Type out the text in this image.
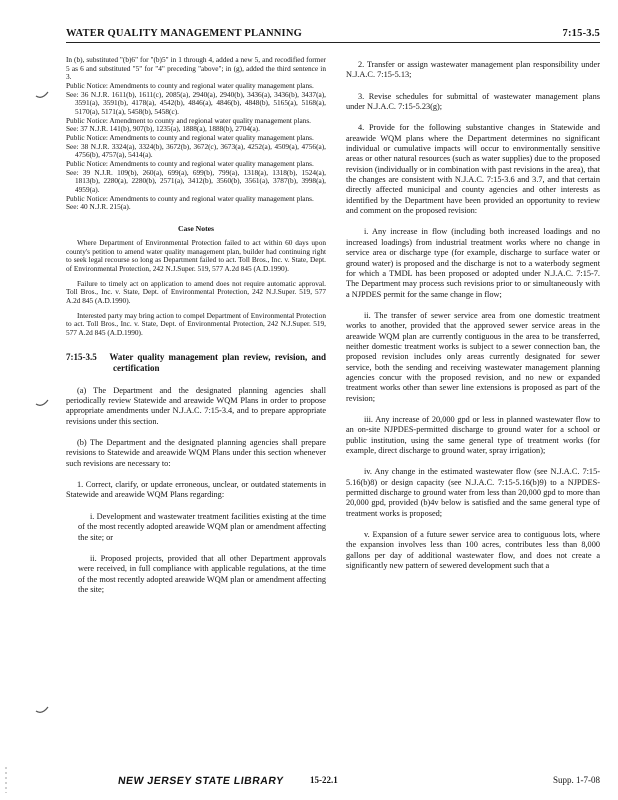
WATER QUALITY MANAGEMENT PLANNING	7:15-3.5

In (b), substituted "(b)6" for "(b)5" in 1 through 4, added a new 5, and recodified former 5 as 6 and substituted "5" for "4" preceding "above"; in (g), added the third sentence in 3.

Public Notice: Amendments to county and regional water quality management plans.

See: 36 N.J.R. 1611(b), 1611(c), 2085(a), 2940(a), 2940(b), 3436(a), 3436(b), 3437(a), 3591(a), 3591(b), 4178(a), 4542(b), 4846(a), 4846(b), 4848(b), 5165(a), 5168(a), 5170(a), 5171(a), 5458(b), 5458(c).

Public Notice: Amendment to county and regional water quality management plans.

See: 37 N.J.R. 141(b), 907(b), 1235(a), 1888(a), 1888(b), 2704(a).

Public Notice: Amendments to county and regional water quality management plans.

See: 38 N.J.R. 3324(a), 3324(b), 3672(b), 3672(c), 3673(a), 4252(a), 4509(a), 4756(a), 4756(b), 4757(a), 5414(a).

Public Notice: Amendments to county and regional water quality management plans.

See: 39 N.J.R. 109(b), 260(a), 699(a), 699(b), 799(a), 1318(a), 1318(b), 1524(a), 1813(b), 2280(a), 2280(b), 2571(a), 3412(b), 3560(b), 3561(a), 3787(b), 3998(a), 4959(a).

Public Notice: Amendments to county and regional water quality management plans.

See: 40 N.J.R. 215(a).

Case Notes

Where Department of Environmental Protection failed to act within 60 days upon county's petition to amend water quality management plan, builder had continuing right to seek legal recourse so long as Department failed to act. Toll Bros., Inc. v. State, Dept. of Environmental Protection, 242 N.J.Super. 519, 577 A.2d 845 (A.D.1990).

Failure to timely act on application to amend does not require automatic approval. Toll Bros., Inc. v. State, Dept. of Environmental Protection, 242 N.J.Super. 519, 577 A.2d 845 (A.D.1990).

Interested party may bring action to compel Department of Environmental Protection to act. Toll Bros., Inc. v. State, Dept. of Environmental Protection, 242 N.J.Super. 519, 577 A.2d 845 (A.D.1990).

7:15-3.5 Water quality management plan review, revision, and certification

(a) The Department and the designated planning agencies shall periodically review Statewide and areawide WQM Plans in order to propose appropriate amendments under N.J.A.C. 7:15-3.4, and to prepare appropriate revisions under this section.

(b) The Department and the designated planning agencies shall prepare revisions to Statewide and areawide WQM Plans under this section whenever such revisions are necessary to:

1. Correct, clarify, or update erroneous, unclear, or outdated statements in Statewide and areawide WQM Plans regarding:

i. Development and wastewater treatment facilities existing at the time of the most recently adopted areawide WQM plan or amendment affecting the site; or

ii. Proposed projects, provided that all other Department approvals were received, in full compliance with applicable regulations, at the time of the most recently adopted areawide WQM plan or amendment affecting the site;

2. Transfer or assign wastewater management plan responsibility under N.J.A.C. 7:15-5.13;

3. Revise schedules for submittal of wastewater management plans under N.J.A.C. 7:15-5.23(g);

4. Provide for the following substantive changes in Statewide and areawide WQM plans where the Department determines no significant individual or cumulative impacts will occur to environmentally sensitive areas or other natural resources (such as water supplies) due to the proposed revision (individually or in combination with past revisions in the area), that the changes are consistent with N.J.A.C. 7:15-3.6 and 3.7, and that certain directly affected municipal and county agencies and other interests as identified by the Department have been provided an opportunity to review and comment on the proposed revision:

i. Any increase in flow (including both increased loadings and no increased loadings) from industrial treatment works where no change in service area or discharge type (for example, discharge to surface water or ground water) is proposed and the discharge is not to a waterbody segment for which a TMDL has been proposed or adopted under N.J.A.C. 7:15-7. The Department may process such revisions prior to or simultaneously with a NJPDES permit for the same change in flow;

ii. The transfer of sewer service area from one domestic treatment works to another, provided that the approved sewer service areas in the areawide WQM plan are currently contiguous in the area to be transferred, neither domestic treatment works is subject to a sewer connection ban, the proposed revision includes only areas currently designated for sewer service, both the sending and receiving wastewater management planning agencies concur with the proposed revision, and no new or expanded treatment works other than sewer line extensions is proposed as part of the revision;

iii. Any increase of 20,000 gpd or less in planned wastewater flow to an on-site NJPDES-permitted discharge to ground water for a school or public institution, using the same general type of treatment works (for example, direct discharge to ground water, spray irrigation);

iv. Any change in the estimated wastewater flow (see N.J.A.C. 7:15-5.16(b)8) or design capacity (see N.J.A.C. 7:15-5.16(b)9) to a NJPDES-permitted discharge to ground water from less than 20,000 gpd to more than 20,000 gpd, provided (b)4v below is satisfied and the same general type of treatment works is proposed;

v. Expansion of a future sewer service area to contiguous lots, where the expansion involves less than 100 acres, contributes less than 8,000 gallons per day of additional wastewater flow, and does not create a significantly new pattern of sewered development such that a

NEW JERSEY STATE LIBRARY	15-22.1	Supp. 1-7-08
